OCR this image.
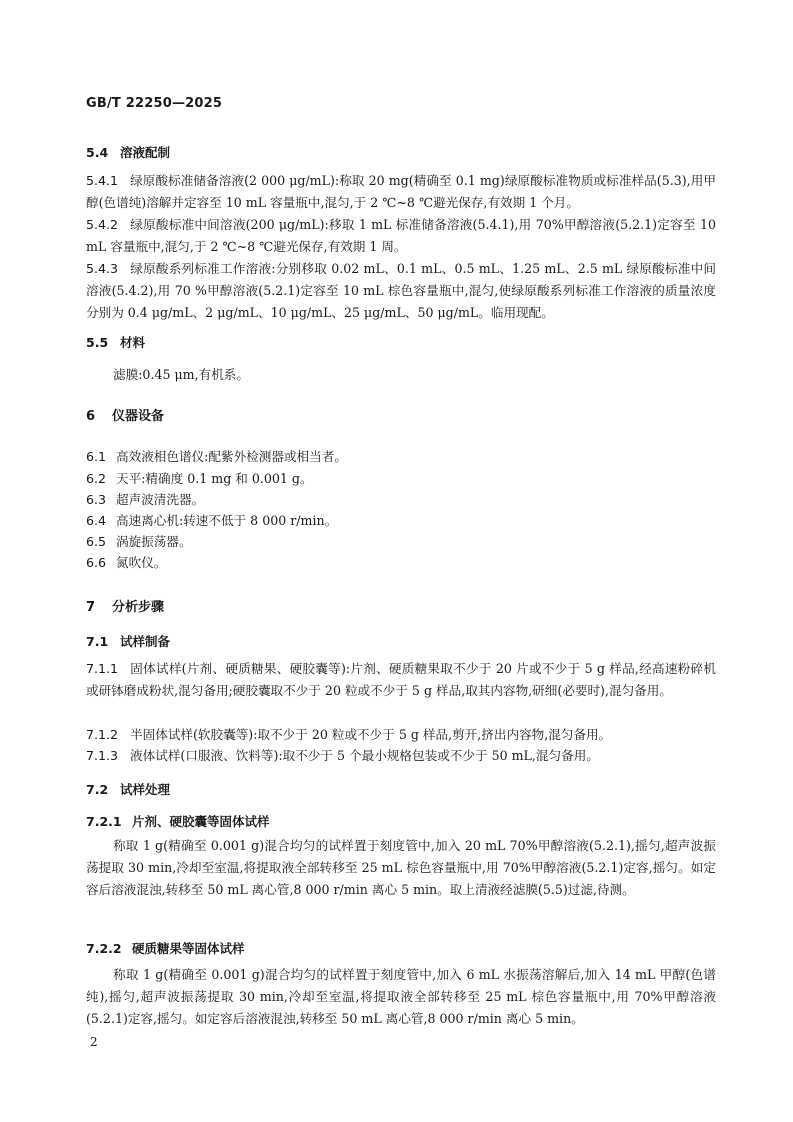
GB/T 22250—2025
5.4 溶液配制
5.4.1 绿原酸标准储备溶液(2 000 μg/mL):称取 20 mg(精确至 0.1 mg)绿原酸标准物质或标准样品(5.3),用甲醇(色谱纯)溶解并定容至 10 mL 容量瓶中,混匀,于 2 ℃~8 ℃避光保存,有效期 1 个月。
5.4.2 绿原酸标准中间溶液(200 μg/mL):移取 1 mL 标准储备溶液(5.4.1),用 70%甲醇溶液(5.2.1)定容至 10 mL 容量瓶中,混匀,于 2 ℃~8 ℃避光保存,有效期 1 周。
5.4.3 绿原酸系列标准工作溶液:分别移取 0.02 mL、0.1 mL、0.5 mL、1.25 mL、2.5 mL 绿原酸标准中间溶液(5.4.2),用 70 %甲醇溶液(5.2.1)定容至 10 mL 棕色容量瓶中,混匀,使绿原酸系列标准工作溶液的质量浓度分别为 0.4 μg/mL、2 μg/mL、10 μg/mL、25 μg/mL、50 μg/mL。临用现配。
5.5 材料
滤膜:0.45 μm,有机系。
6 仪器设备
6.1 高效液相色谱仪:配紫外检测器或相当者。
6.2 天平:精确度 0.1 mg 和 0.001 g。
6.3 超声波清洗器。
6.4 高速离心机:转速不低于 8 000 r/min。
6.5 涡旋振荡器。
6.6 氮吹仪。
7 分析步骤
7.1 试样制备
7.1.1 固体试样(片剂、硬质糖果、硬胶囊等):片剂、硬质糖果取不少于 20 片或不少于 5 g 样品,经高速粉碎机或研钵磨成粉状,混匀备用;硬胶囊取不少于 20 粒或不少于 5 g 样品,取其内容物,研细(必要时),混匀备用。
7.1.2 半固体试样(软胶囊等):取不少于 20 粒或不少于 5 g 样品,剪开,挤出内容物,混匀备用。
7.1.3 液体试样(口服液、饮料等):取不少于 5 个最小规格包装或不少于 50 mL,混匀备用。
7.2 试样处理
7.2.1 片剂、硬胶囊等固体试样
称取 1 g(精确至 0.001 g)混合均匀的试样置于刻度管中,加入 20 mL 70%甲醇溶液(5.2.1),摇匀,超声波振荡提取 30 min,冷却至室温,将提取液全部转移至 25 mL 棕色容量瓶中,用 70%甲醇溶液(5.2.1)定容,摇匀。如定容后溶液混浊,转移至 50 mL 离心管,8 000 r/min 离心 5 min。取上清液经滤膜(5.5)过滤,待测。
7.2.2 硬质糖果等固体试样
称取 1 g(精确至 0.001 g)混合均匀的试样置于刻度管中,加入 6 mL 水振荡溶解后,加入 14 mL 甲醇(色谱纯),摇匀,超声波振荡提取 30 min,冷却至室温,将提取液全部转移至 25 mL 棕色容量瓶中,用 70%甲醇溶液(5.2.1)定容,摇匀。如定容后溶液混浊,转移至 50 mL 离心管,8 000 r/min 离心 5 min。
2
